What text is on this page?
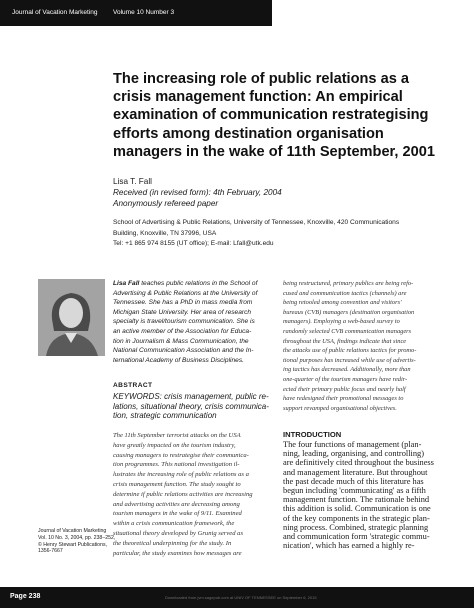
Journal of Vacation Marketing Volume 10 Number 3
The increasing role of public relations as a
crisis management function: An empirical
examination of communication restrategising
efforts among destination organisation
managers in the wake of 11th September, 2001
Lisa T. Fall
Received (in revised form): 4th February, 2004
Anonymously refereed paper
School of Advertising & Public Relations, University of Tennessee, Knoxville, 420 Communications
Building, Knoxville, TN 37996, USA
Tel: +1 865 974 8155 (UT office); E-mail: Lfall@utk.edu
Lisa Fall teaches public relations in the School of
Advertising & Public Relations at the University of
Tennessee. She has a PhD in mass media from
Michigan State University. Her area of research
specialty is travel/tourism communication. She is
an active member of the Association for Educa-
tion in Journalism & Mass Communication, the
National Communication Association and the In-
ternational Academy of Business Disciplines.
ABSTRACT
KEYWORDS: crisis management, public re-
lations, situational theory, crisis communica-
tion, strategic communication
The 11th September terrorist attacks on the USA
have greatly impacted on the tourism industry,
causing managers to restrategise their communica-
tion programmes. This national investigation il-
lustrates the increasing role of public relations as a
crisis management function. The study sought to
determine if public relations activities are increasing
and advertising activities are decreasing among
tourism managers in the wake of 9/11. Examined
within a crisis communication framework, the
situational theory developed by Grunig served as
the theoretical underpinning for the study. In
particular, the study examines how messages are
being restructured, primary publics are being refo-
cused and communication tactics (channels) are
being retooled among convention and visitors'
bureaus (CVB) managers (destination organisation
managers). Employing a web-based survey to
randomly selected CVB communication managers
throughout the USA, findings indicate that since
the attacks use of public relations tactics for promo-
tional purposes has increased while use of advertis-
ing tactics has decreased. Additionally, more than
one-quarter of the tourism managers have redir-
ected their primary public focus and nearly half
have redesigned their promotional messages to
support revamped organisational objectives.
INTRODUCTION
The four functions of management (plan-
ning, leading, organising, and controlling)
are definitively cited throughout the business
and management literature. But throughout
the past decade much of this literature has
begun including 'communicating' as a fifth
management function. The rationale behind
this addition is solid. Communication is one
of the key components in the strategic plan-
ning process. Combined, strategic planning
and communication form 'strategic commu-
nication', which has earned a highly re-
Journal of Vacation Marketing
Vol. 10 No. 3, 2004, pp. 238–252,
© Henry Stewart Publications,
1356-7667
Page 238	Downloaded from jvm.sagepub.com at UNIV OF TENNESSEE on September 6, 2015
